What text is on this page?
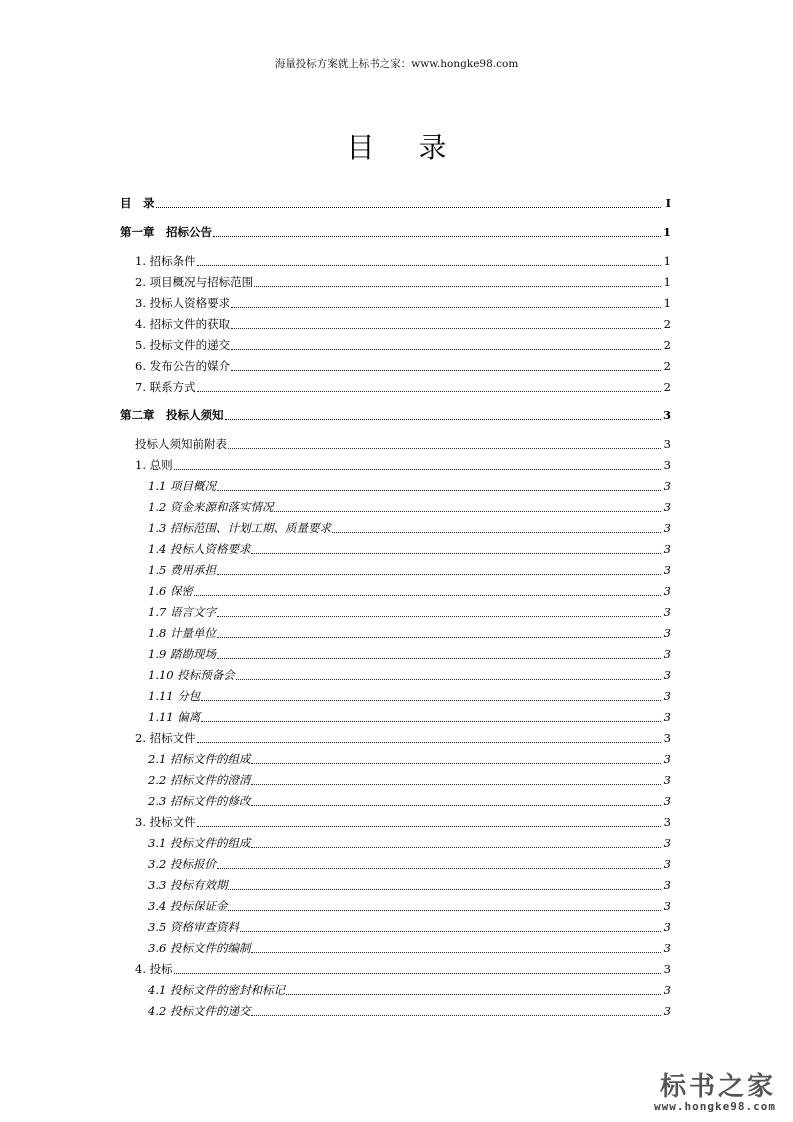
海量投标方案就上标书之家：www.hongke98.com
目录
目　录	I
第一章　招标公告	1
1. 招标条件	1
2. 项目概况与招标范围	1
3. 投标人资格要求	1
4. 招标文件的获取	2
5. 投标文件的递交	2
6. 发布公告的媒介	2
7. 联系方式	2
第二章　投标人须知	3
投标人须知前附表	3
1. 总则	3
1.1 项目概况	3
1.2 资金来源和落实情况	3
1.3 招标范围、计划工期、质量要求	3
1.4 投标人资格要求	3
1.5 费用承担	3
1.6 保密	3
1.7 语言文字	3
1.8 计量单位	3
1.9 踏勘现场	3
1.10 投标预备会	3
1.11 分包	3
1.11 偏离	3
2. 招标文件	3
2.1 招标文件的组成	3
2.2 招标文件的澄清	3
2.3 招标文件的修改	3
3. 投标文件	3
3.1 投标文件的组成	3
3.2 投标报价	3
3.3 投标有效期	3
3.4 投标保证金	3
3.5 资格审查资料	3
3.6 投标文件的编制	3
4. 投标	3
4.1 投标文件的密封和标记	3
4.2 投标文件的递交	3
标书之家
www.hongke98.com
